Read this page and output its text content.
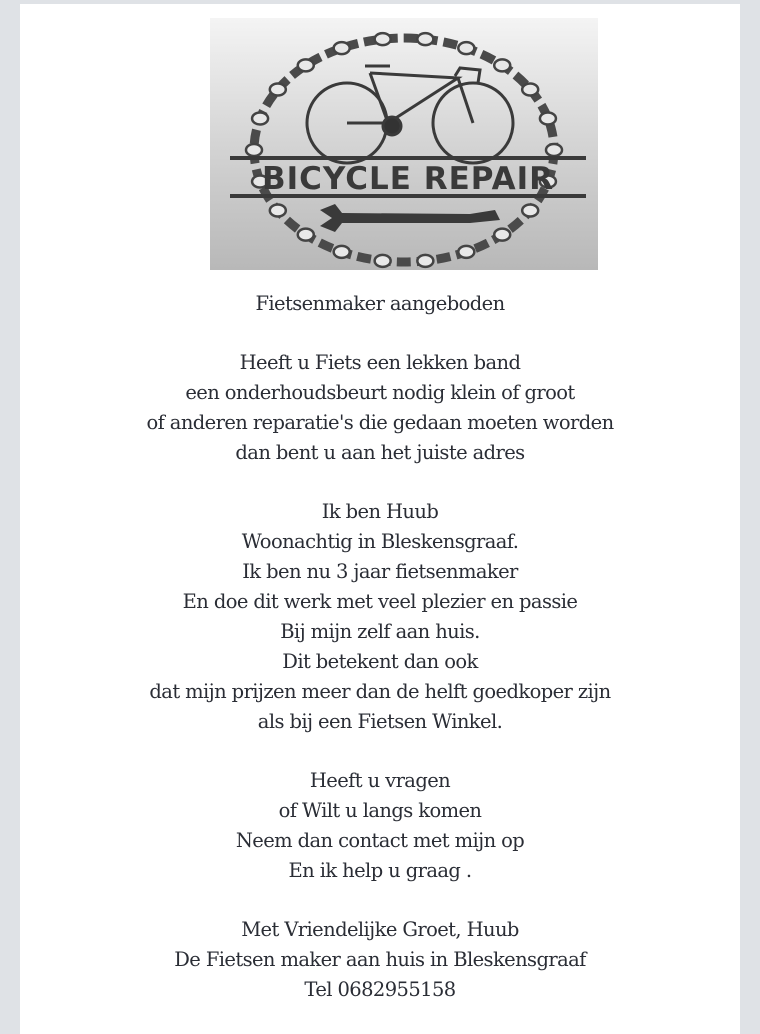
BICYCLE REPAIR
Fietsenmaker aangeboden
Heeft u Fiets een lekken band
een onderhoudsbeurt nodig klein of groot
of anderen reparatie's die gedaan moeten worden
dan bent u aan het juiste adres
Ik ben Huub
Woonachtig in Bleskensgraaf.
Ik ben nu 3 jaar fietsenmaker
En doe dit werk met veel plezier en passie
Bij mijn zelf aan huis.
Dit betekent dan ook
dat mijn prijzen meer dan de helft goedkoper zijn
als bij een Fietsen Winkel.
Heeft u vragen
of Wilt u langs komen
Neem dan contact met mijn op
En ik help u graag .
Met Vriendelijke Groet, Huub
De Fietsen maker aan huis in Bleskensgraaf
Tel 0682955158
